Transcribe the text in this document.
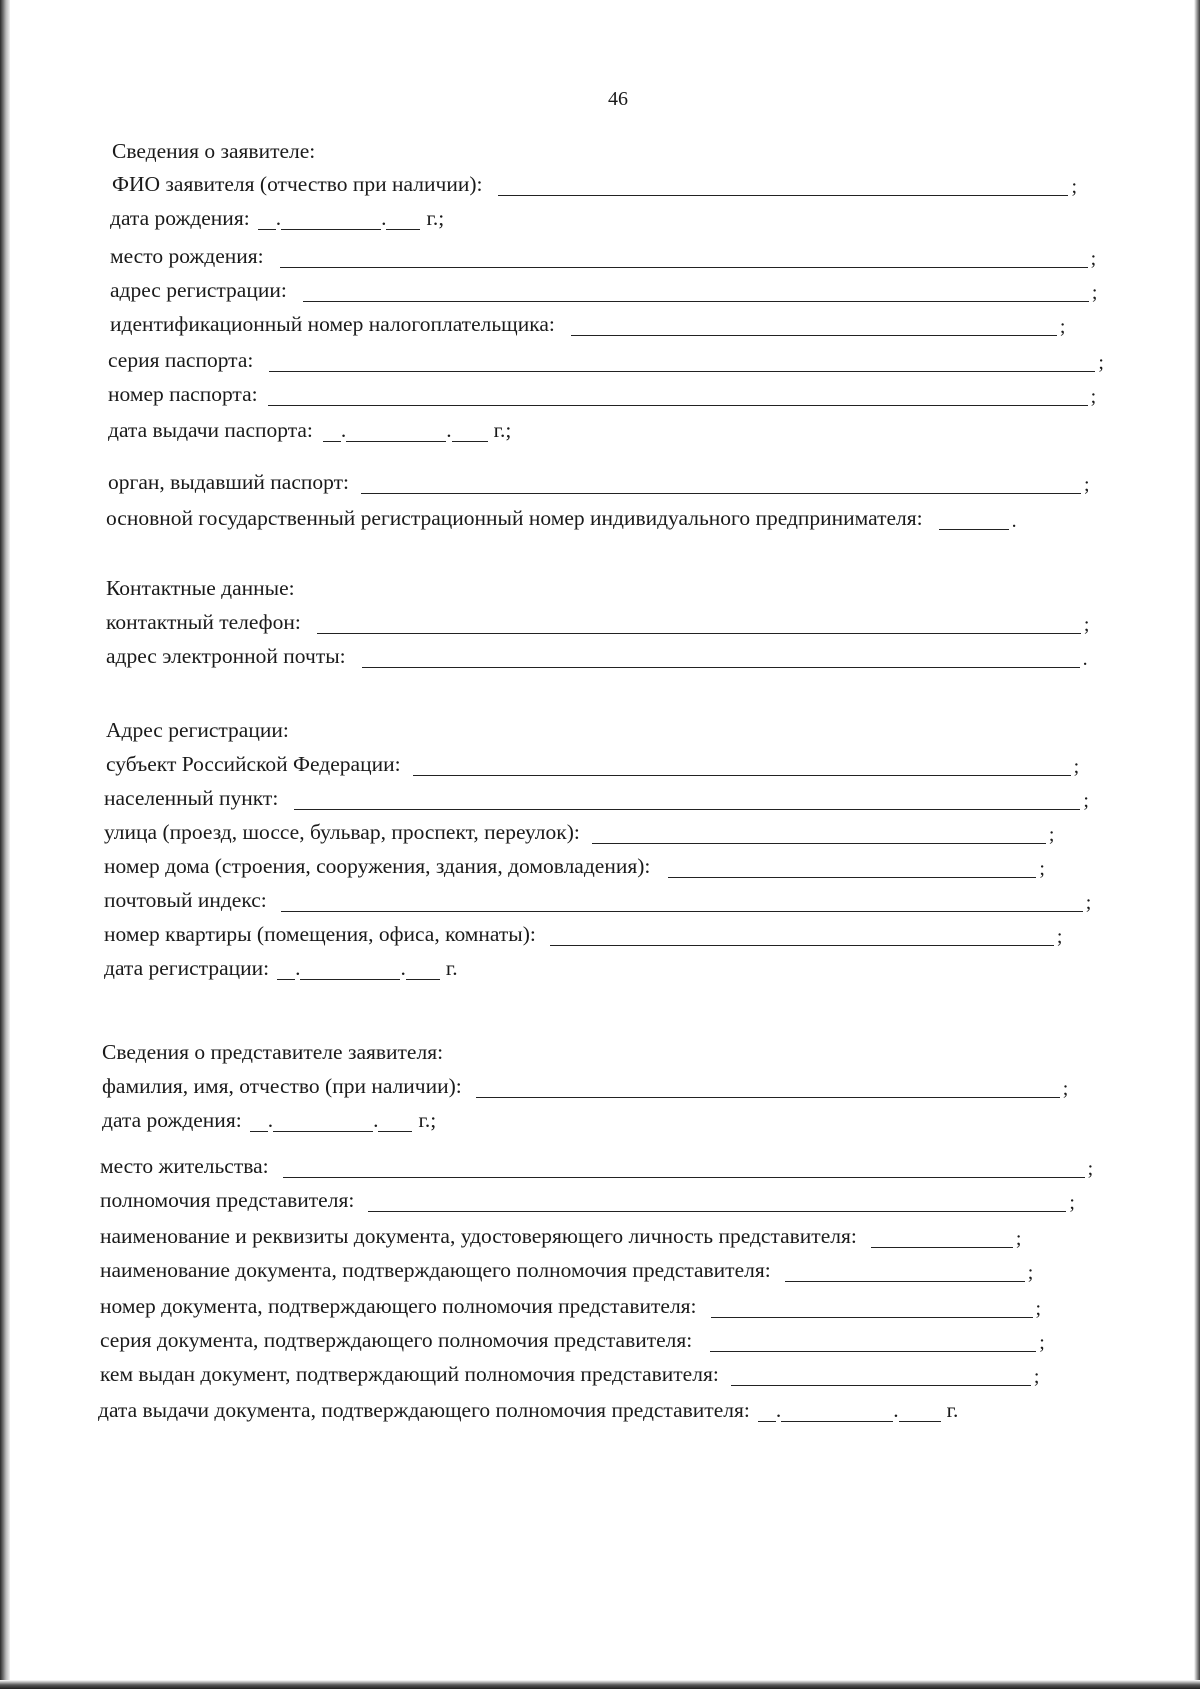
46
Сведения о заявителе:
ФИО заявителя (отчество при наличии):	;
дата рождения: .	. г.;
место рождения:	;
адрес регистрации:	;
идентификационный номер налогоплательщика:	;
серия паспорта:	;
номер паспорта:	;
дата выдачи паспорта: .	. г.;
орган, выдавший паспорт:	;
основной государственный регистрационный номер индивидуального предпринимателя:	.
Контактные данные:
контактный телефон:	;
адрес электронной почты:	.
Адрес регистрации:
субъект Российской Федерации:	;
населенный пункт:	;
улица (проезд, шоссе, бульвар, проспект, переулок):	;
номер дома (строения, сооружения, здания, домовладения):	;
почтовый индекс:	;
номер квартиры (помещения, офиса, комнаты):	;
дата регистрации: .	. г.
Сведения о представителе заявителя:
фамилия, имя, отчество (при наличии):	;
дата рождения: .	. г.;
место жительства:	;
полномочия представителя:	;
наименование и реквизиты документа, удостоверяющего личность представителя:	;
наименование документа, подтверждающего полномочия представителя:	;
номер документа, подтверждающего полномочия представителя:	;
серия документа, подтверждающего полномочия представителя:	;
кем выдан документ, подтверждающий полномочия представителя:	;
дата выдачи документа, подтверждающего полномочия представителя: .	. г.
